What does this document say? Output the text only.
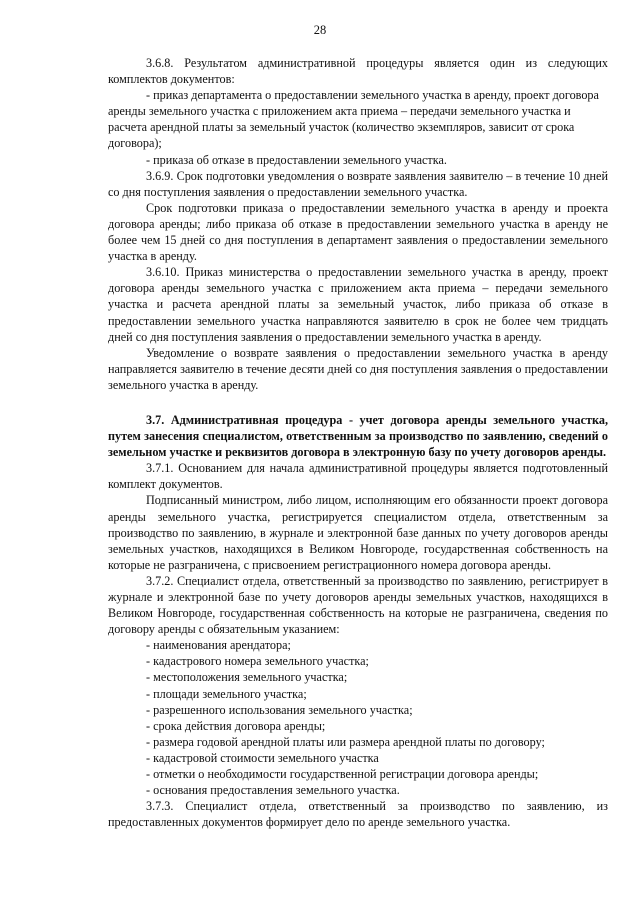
28

3.6.8. Результатом административной процедуры является один из следующих комплектов документов:

- приказ департамента о предоставлении земельного участка в аренду, проект договора аренды земельного участка с приложением акта приема – передачи земельного участка и расчета арендной платы за земельный участок (количество экземпляров, зависит от срока договора);

- приказа об отказе в предоставлении земельного участка.

3.6.9. Срок подготовки уведомления о возврате заявления заявителю – в течение 10 дней со дня поступления заявления о предоставлении земельного участка.

Срок подготовки приказа о предоставлении земельного участка в аренду и проекта договора аренды; либо приказа об отказе в предоставлении земельного участка в аренду не более чем 15 дней со дня поступления в департамент заявления о предоставлении земельного участка в аренду.

3.6.10. Приказ министерства о предоставлении земельного участка в аренду, проект договора аренды земельного участка с приложением акта приема – передачи земельного участка и расчета арендной платы за земельный участок, либо приказа об отказе в предоставлении земельного участка направляются заявителю в срок не более чем тридцать дней со дня поступления заявления о предоставлении земельного участка в аренду.

Уведомление о возврате заявления о предоставлении земельного участка в аренду направляется заявителю в течение десяти дней со дня поступления заявления о предоставлении земельного участка в аренду.

3.7. Административная процедура - учет договора аренды земельного участка, путем занесения специалистом, ответственным за производство по заявлению, сведений о земельном участке и реквизитов договора в электронную базу по учету договоров аренды.

3.7.1. Основанием для начала административной процедуры является подготовленный комплект документов.

Подписанный министром, либо лицом, исполняющим его обязанности проект договора аренды земельного участка, регистрируется специалистом отдела, ответственным за производство по заявлению, в журнале и электронной базе данных по учету договоров аренды земельных участков, находящихся в Великом Новгороде, государственная собственность на которые не разграничена, с присвоением регистрационного номера договора аренды.

3.7.2. Специалист отдела, ответственный за производство по заявлению, регистрирует в журнале и электронной базе по учету договоров аренды земельных участков, находящихся в Великом Новгороде, государственная собственность на которые не разграничена, сведения по договору аренды с обязательным указанием:

- наименования арендатора;

- кадастрового номера земельного участка;

- местоположения земельного участка;

- площади земельного участка;

- разрешенного использования земельного участка;

- срока действия договора аренды;

- размера годовой арендной платы или размера арендной платы по договору;

- кадастровой стоимости земельного участка

- отметки о необходимости государственной регистрации договора аренды;

- основания предоставления земельного участка.

3.7.3. Специалист отдела, ответственный за производство по заявлению, из предоставленных документов формирует дело по аренде земельного участка.
